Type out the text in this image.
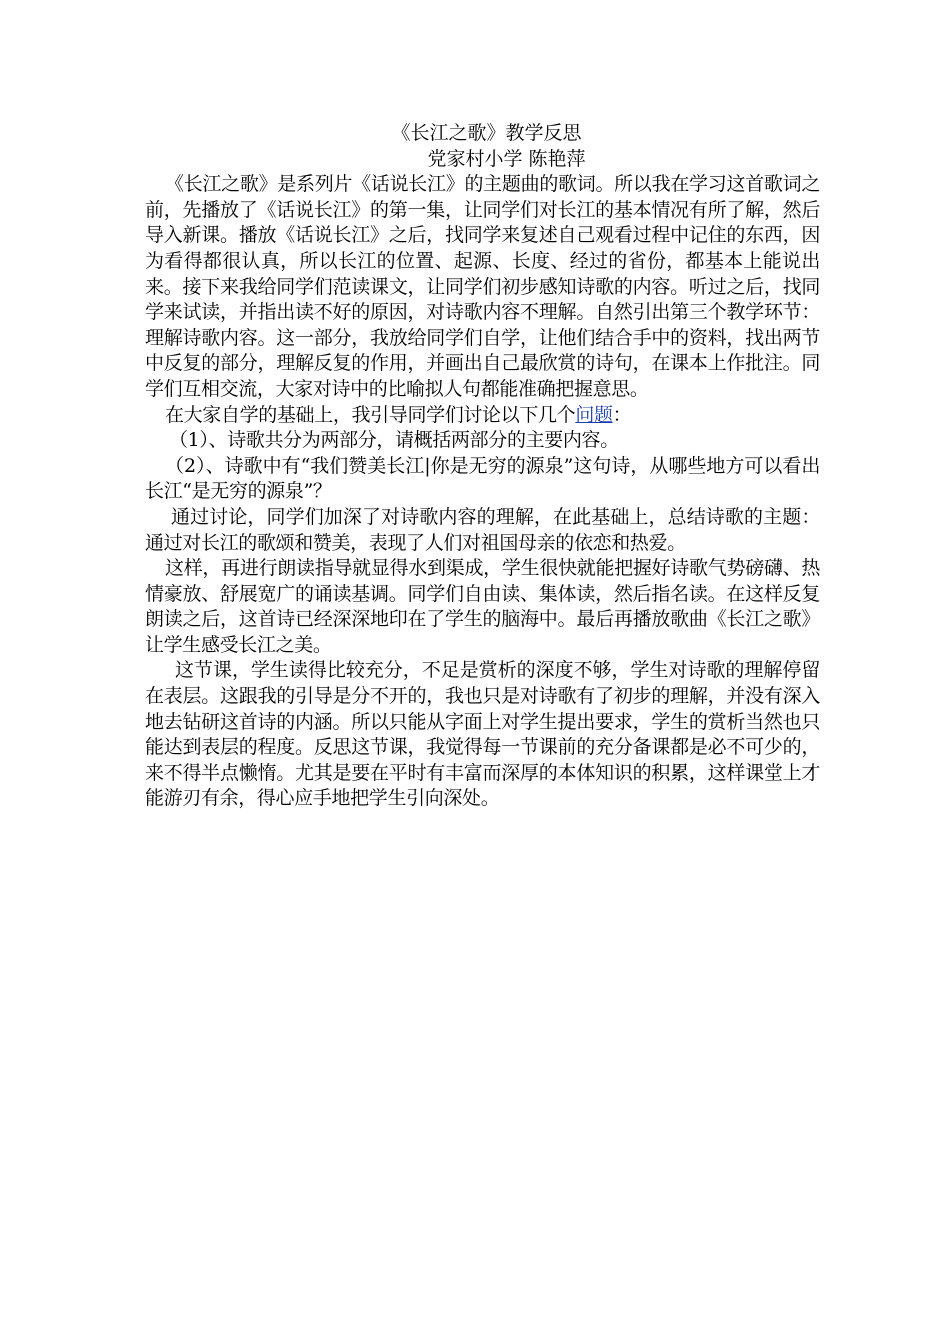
《长江之歌》教学反思

党家村小学 陈艳萍

《长江之歌》是系列片《话说长江》的主题曲的歌词。所以我在学习这首歌词之前，先播放了《话说长江》的第一集，让同学们对长江的基本情况有所了解，然后导入新课。播放《话说长江》之后，找同学来复述自己观看过程中记住的东西，因为看得都很认真，所以长江的位置、起源、长度、经过的省份，都基本上能说出来。接下来我给同学们范读课文，让同学们初步感知诗歌的内容。听过之后，找同学来试读，并指出读不好的原因，对诗歌内容不理解。自然引出第三个教学环节：理解诗歌内容。这一部分，我放给同学们自学，让他们结合手中的资料，找出两节中反复的部分，理解反复的作用，并画出自己最欣赏的诗句，在课本上作批注。同学们互相交流，大家对诗中的比喻拟人句都能准确把握意思。

在大家自学的基础上，我引导同学们讨论以下几个问题：

（1）、诗歌共分为两部分，请概括两部分的主要内容。

（2）、诗歌中有“我们赞美长江|你是无穷的源泉”这句诗，从哪些地方可以看出长江“是无穷的源泉”？

通过讨论，同学们加深了对诗歌内容的理解，在此基础上，总结诗歌的主题：通过对长江的歌颂和赞美，表现了人们对祖国母亲的依恋和热爱。

这样，再进行朗读指导就显得水到渠成，学生很快就能把握好诗歌气势磅礴、热情豪放、舒展宽广的诵读基调。同学们自由读、集体读，然后指名读。在这样反复朗读之后，这首诗已经深深地印在了学生的脑海中。最后再播放歌曲《长江之歌》让学生感受长江之美。

这节课，学生读得比较充分，不足是赏析的深度不够，学生对诗歌的理解停留在表层。这跟我的引导是分不开的，我也只是对诗歌有了初步的理解，并没有深入地去钻研这首诗的内涵。所以只能从字面上对学生提出要求，学生的赏析当然也只能达到表层的程度。反思这节课，我觉得每一节课前的充分备课都是必不可少的，来不得半点懒惰。尤其是要在平时有丰富而深厚的本体知识的积累，这样课堂上才能游刃有余，得心应手地把学生引向深处。
